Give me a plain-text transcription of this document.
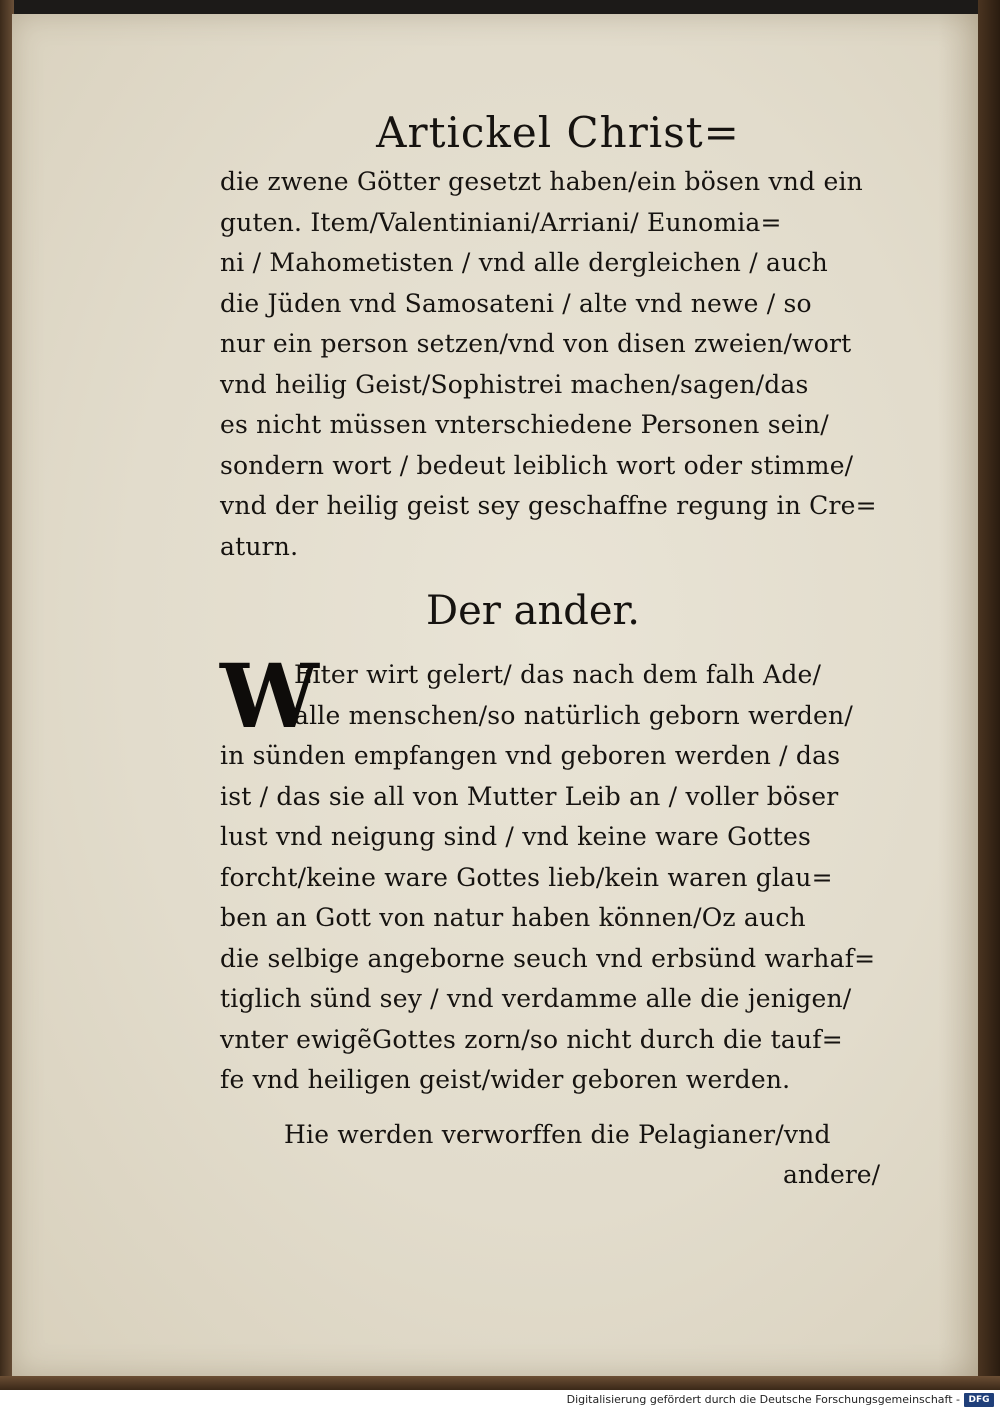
Artickel Christ=
die zwene Götter gesetzt haben/ein bösen vnd ein
guten. Item/Valentiniani/Arriani/ Eunomia=
ni / Mahometisten / vnd alle dergleichen / auch
die Jüden vnd Samosateni / alte vnd newe / so
nur ein person setzen/vnd von disen zweien/wort
vnd heilig Geist/Sophistrei machen/sagen/das
es nicht müssen vnterschiedene Personen sein/
sondern wort / bedeut leiblich wort oder stimme/
vnd der heilig geist sey geschaffne regung in Cre=
aturn.
Der ander.
W
Eiter wirt gelert/ das nach dem falh Ade/
alle menschen/so natürlich geborn werden/
in sünden empfangen vnd geboren werden / das
ist / das sie all von Mutter Leib an / voller böser
lust vnd neigung sind / vnd keine ware Gottes
forcht/keine ware Gottes lieb/kein waren glau=
ben an Gott von natur haben können/Oz auch
die selbige angeborne seuch vnd erbsünd warhaf=
tiglich sünd sey / vnd verdamme alle die jenigen/
vnter ewigẽGottes zorn/so nicht durch die tauf=
fe vnd heiligen geist/wider geboren werden.
Hie werden verworffen die Pelagianer/vnd
andere/
Digitalisierung gefördert durch die Deutsche Forschungsgemeinschaft - DFG
